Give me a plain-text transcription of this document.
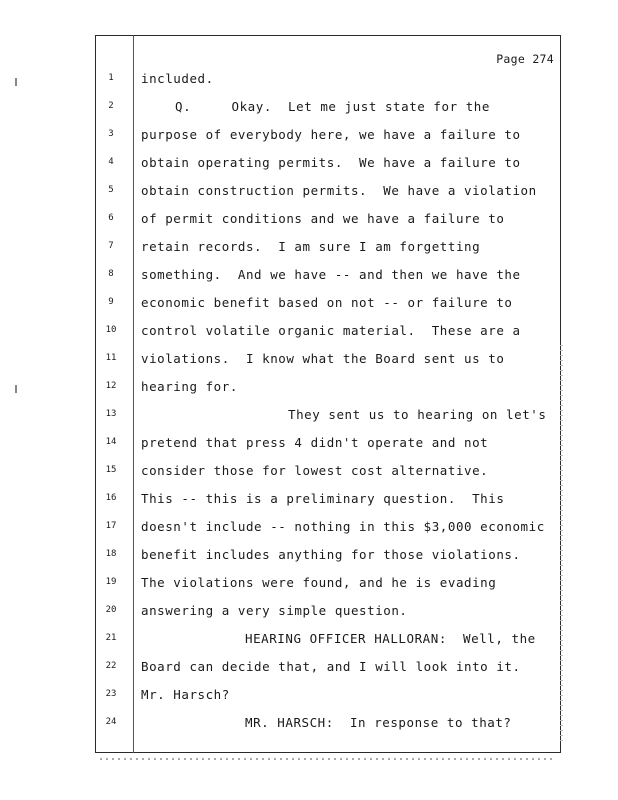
Page 274
1	included.
2	Q.     Okay.  Let me just state for the
3	purpose of everybody here, we have a failure to
4	obtain operating permits.  We have a failure to
5	obtain construction permits.  We have a violation
6	of permit conditions and we have a failure to
7	retain records.  I am sure I am forgetting
8	something.  And we have -- and then we have the
9	economic benefit based on not -- or failure to
10	control volatile organic material.  These are a
11	violations.  I know what the Board sent us to
12	hearing for.
13	They sent us to hearing on let's
14	pretend that press 4 didn't operate and not
15	consider those for lowest cost alternative.
16	This -- this is a preliminary question.  This
17	doesn't include -- nothing in this $3,000 economic
18	benefit includes anything for those violations.
19	The violations were found, and he is evading
20	answering a very simple question.
21	HEARING OFFICER HALLORAN:  Well, the
22	Board can decide that, and I will look into it.
23	Mr. Harsch?
24	MR. HARSCH:  In response to that?
